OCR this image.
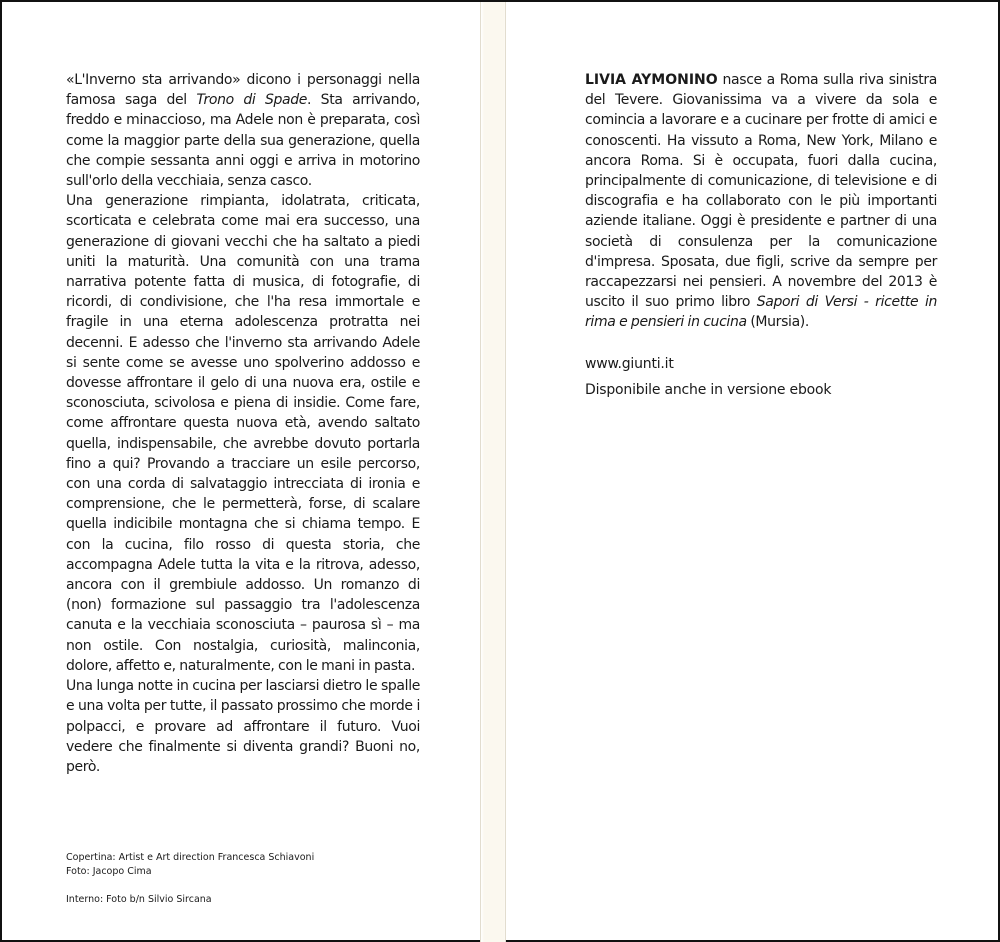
«L'Inverno sta arrivando» dicono i personaggi nella famosa saga del Trono di Spade. Sta arrivando, freddo e minaccioso, ma Adele non è preparata, così come la maggior parte della sua generazione, quella che compie sessanta anni oggi e arriva in motorino sull'orlo della vecchiaia, senza casco.

Una generazione rimpianta, idolatrata, criticata, scorticata e celebrata come mai era successo, una generazione di giovani vecchi che ha saltato a piedi uniti la maturità. Una comunità con una trama narrativa potente fatta di musica, di fotografie, di ricordi, di condivisione, che l'ha resa immortale e fragile in una eterna adolescenza protratta nei decenni. E adesso che l'inverno sta arrivando Adele si sente come se avesse uno spolverino addosso e dovesse affrontare il gelo di una nuova era, ostile e sconosciuta, scivolosa e piena di insidie. Come fare, come affrontare questa nuova età, avendo saltato quella, indispensabile, che avrebbe dovuto portarla fino a qui? Provando a tracciare un esile percorso, con una corda di salvataggio intrecciata di ironia e comprensione, che le permetterà, forse, di scalare quella indicibile montagna che si chiama tempo. E con la cucina, filo rosso di questa storia, che accompagna Adele tutta la vita e la ritrova, adesso, ancora con il grembiule addosso. Un romanzo di (non) formazione sul passaggio tra l'adolescenza canuta e la vecchiaia sconosciuta – paurosa sì – ma non ostile. Con nostalgia, curiosità, malinconia, dolore, affetto e, naturalmente, con le mani in pasta.

Una lunga notte in cucina per lasciarsi dietro le spalle e una volta per tutte, il passato prossimo che morde i polpacci, e provare ad affrontare il futuro. Vuoi vedere che finalmente si diventa grandi? Buoni no, però.

Copertina: Artist e Art direction Francesca Schiavoni
Foto: Jacopo Cima
Interno: Foto b/n Silvio Sircana

LIVIA AYMONINO nasce a Roma sulla riva sinistra del Tevere. Giovanissima va a vivere da sola e comincia a lavorare e a cucinare per frotte di amici e conoscenti. Ha vissuto a Roma, New York, Milano e ancora Roma. Si è occupata, fuori dalla cucina, principalmente di comunicazione, di televisione e di discografia e ha collaborato con le più importanti aziende italiane. Oggi è presidente e partner di una società di consulenza per la comunicazione d'impresa. Sposata, due figli, scrive da sempre per raccapezzarsi nei pensieri. A novembre del 2013 è uscito il suo primo libro Sapori di Versi - ricette in rima e pensieri in cucina (Mursia).

www.giunti.it
Disponibile anche in versione ebook
